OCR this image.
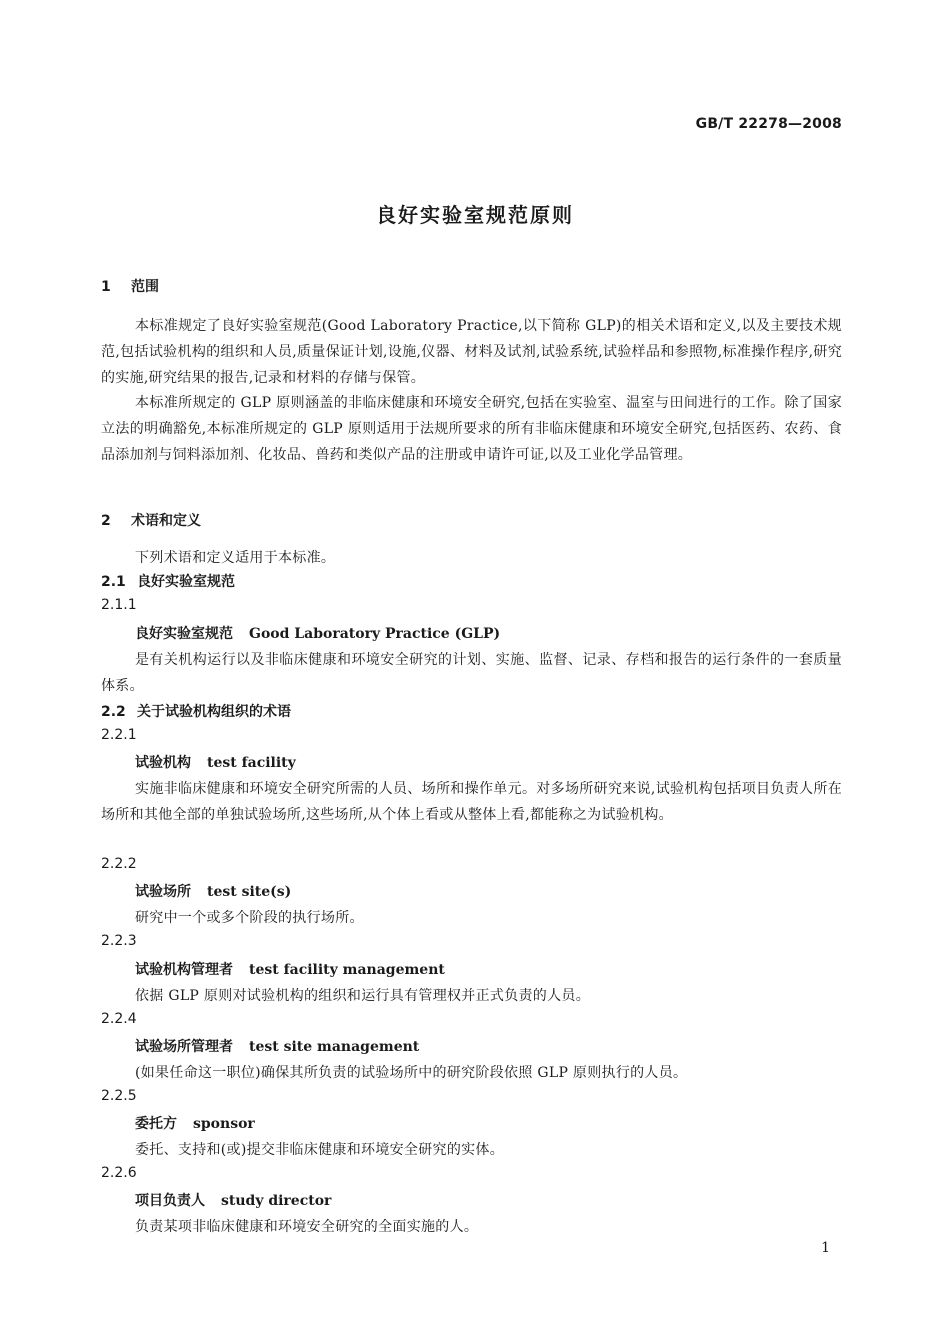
GB/T 22278—2008
良好实验室规范原则
1 范围
本标准规定了良好实验室规范(Good Laboratory Practice,以下简称 GLP)的相关术语和定义,以及主要技术规范,包括试验机构的组织和人员,质量保证计划,设施,仪器、材料及试剂,试验系统,试验样品和参照物,标准操作程序,研究的实施,研究结果的报告,记录和材料的存储与保管。
本标准所规定的 GLP 原则涵盖的非临床健康和环境安全研究,包括在实验室、温室与田间进行的工作。除了国家立法的明确豁免,本标准所规定的 GLP 原则适用于法规所要求的所有非临床健康和环境安全研究,包括医药、农药、食品添加剂与饲料添加剂、化妆品、兽药和类似产品的注册或申请许可证,以及工业化学品管理。
2 术语和定义
下列术语和定义适用于本标准。
2.1 良好实验室规范
2.1.1
良好实验室规范 Good Laboratory Practice (GLP)
是有关机构运行以及非临床健康和环境安全研究的计划、实施、监督、记录、存档和报告的运行条件的一套质量体系。
2.2 关于试验机构组织的术语
2.2.1
试验机构 test facility
实施非临床健康和环境安全研究所需的人员、场所和操作单元。对多场所研究来说,试验机构包括项目负责人所在场所和其他全部的单独试验场所,这些场所,从个体上看或从整体上看,都能称之为试验机构。
2.2.2
试验场所 test site(s)
研究中一个或多个阶段的执行场所。
2.2.3
试验机构管理者 test facility management
依据 GLP 原则对试验机构的组织和运行具有管理权并正式负责的人员。
2.2.4
试验场所管理者 test site management
(如果任命这一职位)确保其所负责的试验场所中的研究阶段依照 GLP 原则执行的人员。
2.2.5
委托方 sponsor
委托、支持和(或)提交非临床健康和环境安全研究的实体。
2.2.6
项目负责人 study director
负责某项非临床健康和环境安全研究的全面实施的人。
1
